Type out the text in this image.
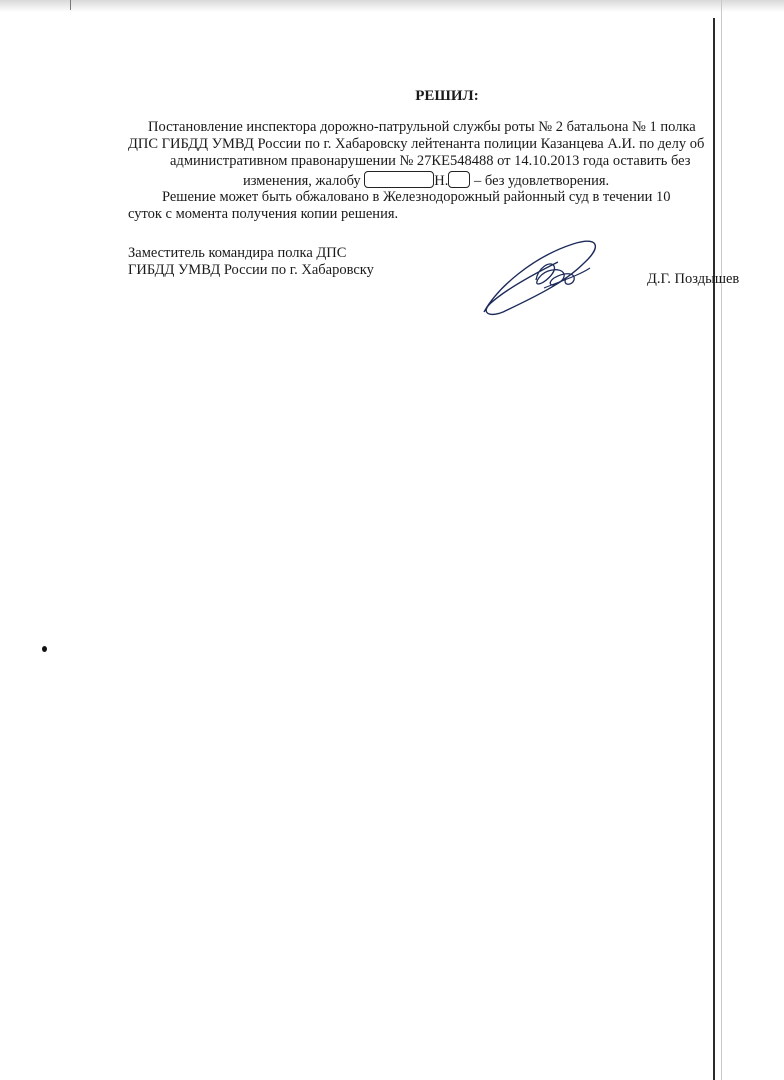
РЕШИЛ:
Постановление инспектора дорожно-патрульной службы роты № 2 батальона № 1 полка
ДПС ГИБДД УМВД России по г. Хабаровску лейтенанта полиции Казанцева А.И. по делу об
административном правонарушении № 27КЕ548488 от 14.10.2013 года оставить без
изменения, жалобу	Н. – без удовлетворения.
Решение может быть обжаловано в Железнодорожный районный суд в течении 10
суток с момента получения копии решения.
Заместитель командира полка ДПС
ГИБДД УМВД России по г. Хабаровску
Д.Г. Поздышев
